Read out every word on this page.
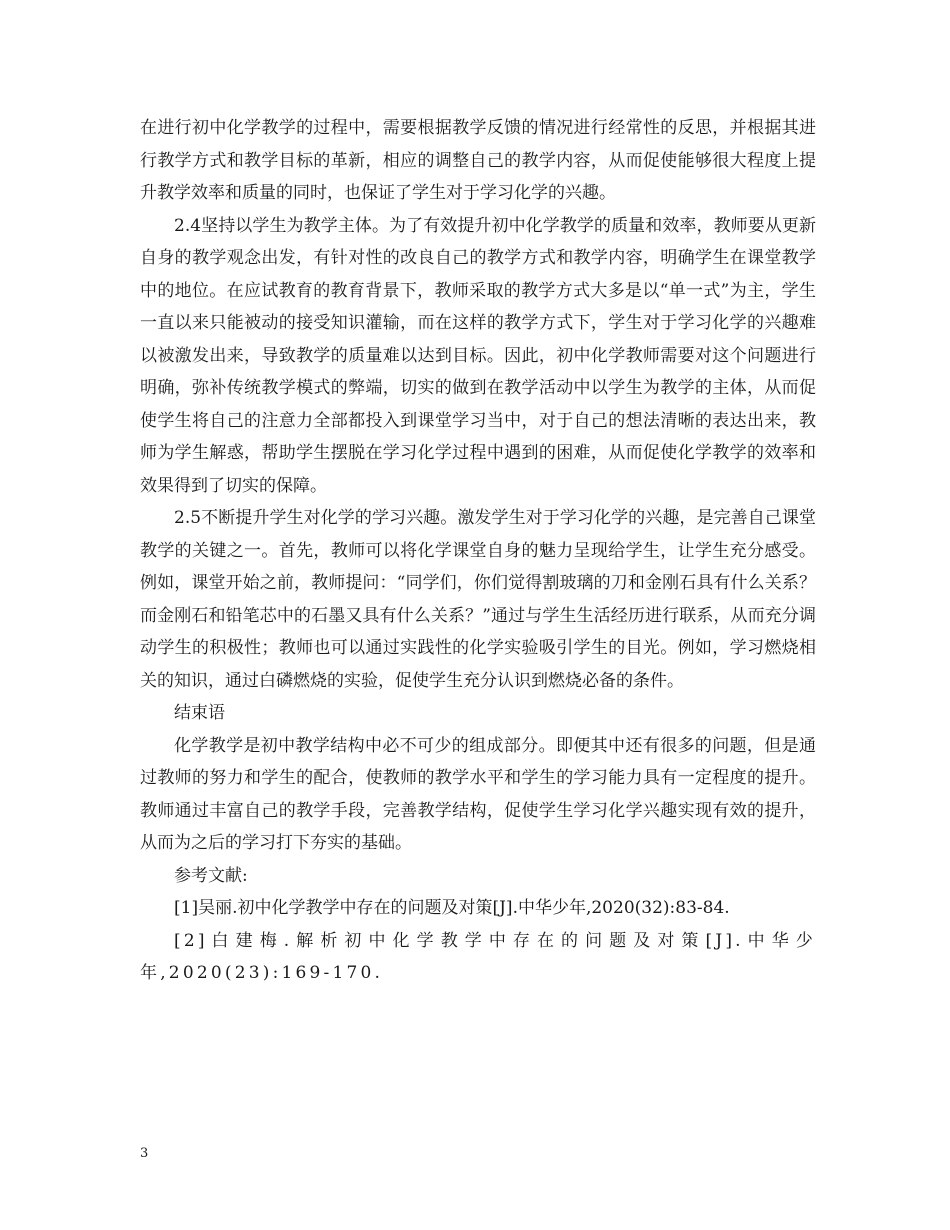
在进行初中化学教学的过程中，需要根据教学反馈的情况进行经常性的反思，并根据其进行教学方式和教学目标的革新，相应的调整自己的教学内容，从而促使能够很大程度上提升教学效率和质量的同时，也保证了学生对于学习化学的兴趣。

2.4坚持以学生为教学主体。为了有效提升初中化学教学的质量和效率，教师要从更新自身的教学观念出发，有针对性的改良自己的教学方式和教学内容，明确学生在课堂教学中的地位。在应试教育的教育背景下，教师采取的教学方式大多是以“单一式”为主，学生一直以来只能被动的接受知识灌输，而在这样的教学方式下，学生对于学习化学的兴趣难以被激发出来，导致教学的质量难以达到目标。因此，初中化学教师需要对这个问题进行明确，弥补传统教学模式的弊端，切实的做到在教学活动中以学生为教学的主体，从而促使学生将自己的注意力全部都投入到课堂学习当中，对于自己的想法清晰的表达出来，教师为学生解惑，帮助学生摆脱在学习化学过程中遇到的困难，从而促使化学教学的效率和效果得到了切实的保障。

2.5不断提升学生对化学的学习兴趣。激发学生对于学习化学的兴趣，是完善自己课堂教学的关键之一。首先，教师可以将化学课堂自身的魅力呈现给学生，让学生充分感受。例如，课堂开始之前，教师提问：“同学们，你们觉得割玻璃的刀和金刚石具有什么关系？而金刚石和铅笔芯中的石墨又具有什么关系？”通过与学生生活经历进行联系，从而充分调动学生的积极性；教师也可以通过实践性的化学实验吸引学生的目光。例如，学习燃烧相关的知识，通过白磷燃烧的实验，促使学生充分认识到燃烧必备的条件。

结束语

化学教学是初中教学结构中必不可少的组成部分。即便其中还有很多的问题，但是通过教师的努力和学生的配合，使教师的教学水平和学生的学习能力具有一定程度的提升。教师通过丰富自己的教学手段，完善教学结构，促使学生学习化学兴趣实现有效的提升，从而为之后的学习打下夯实的基础。

参考文献:

[1]吴丽.初中化学教学中存在的问题及对策[J].中华少年,2020(32):83-84.

[2]白建梅.解析初中化学教学中存在的问题及对策[J].中华少年,2020(23):169-170.

3
